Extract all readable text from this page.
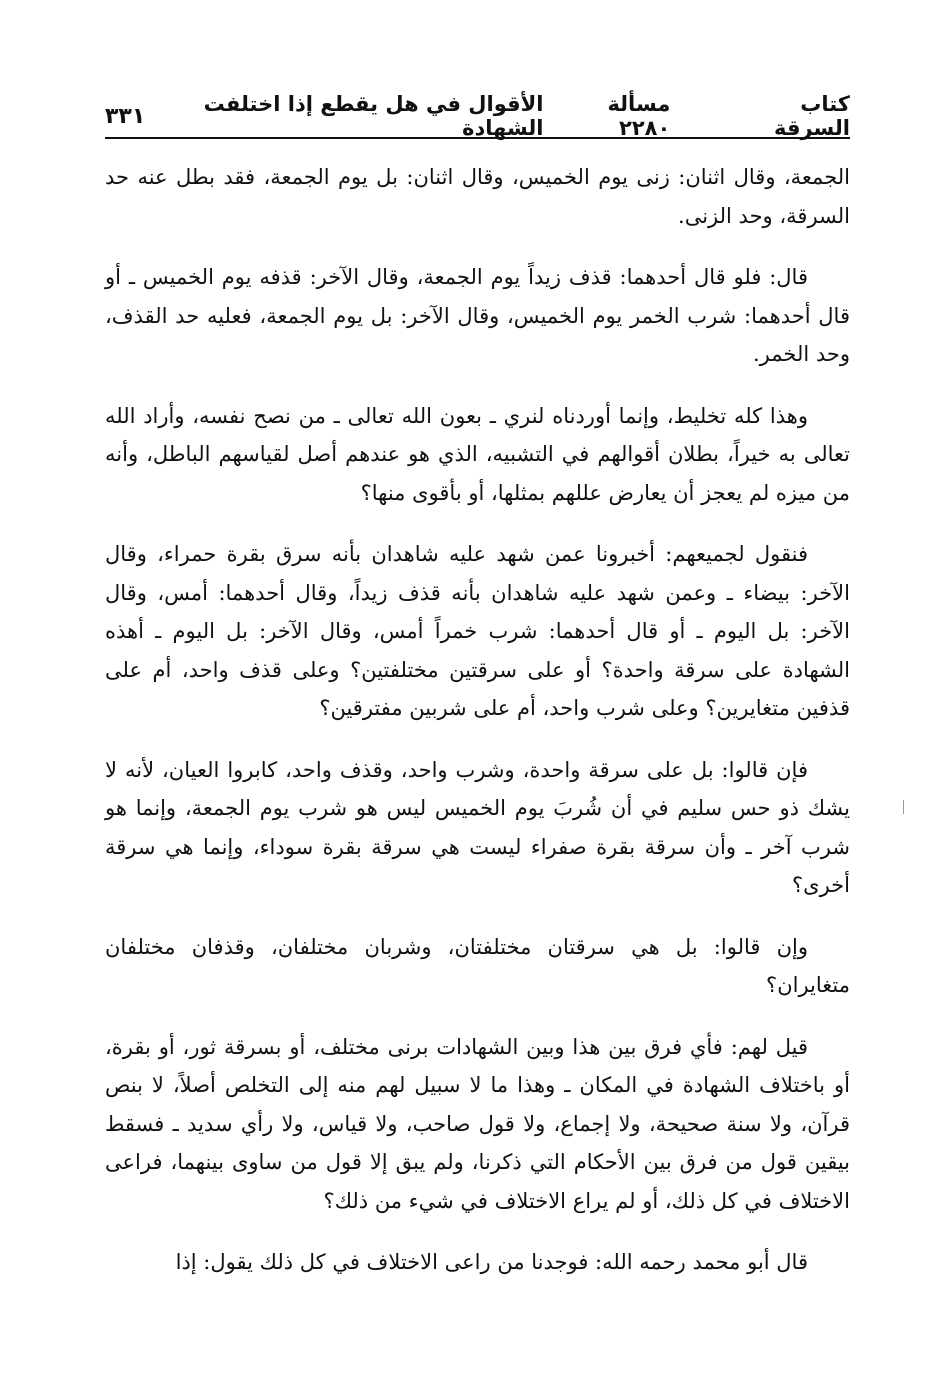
كتاب السرقة
مسألة ٢٢٨٠
الأقوال في هل يقطع إذا اختلفت الشهادة
٣٣١

الجمعة، وقال اثنان: زنى يوم الخميس، وقال اثنان: بل يوم الجمعة، فقد بطل عنه حد السرقة، وحد الزنى.

قال: فلو قال أحدهما: قذف زيداً يوم الجمعة، وقال الآخر: قذفه يوم الخميس ـ أو قال أحدهما: شرب الخمر يوم الخميس، وقال الآخر: بل يوم الجمعة، فعليه حد القذف، وحد الخمر.

وهذا كله تخليط، وإنما أوردناه لنري ـ بعون الله تعالى ـ من نصح نفسه، وأراد الله تعالى به خيراً، بطلان أقوالهم في التشبيه، الذي هو عندهم أصل لقياسهم الباطل، وأنه من ميزه لم يعجز أن يعارض عللهم بمثلها، أو بأقوى منها؟

فنقول لجميعهم: أخبرونا عمن شهد عليه شاهدان بأنه سرق بقرة حمراء، وقال الآخر: بيضاء ـ وعمن شهد عليه شاهدان بأنه قذف زيداً، وقال أحدهما: أمس، وقال الآخر: بل اليوم ـ أو قال أحدهما: شرب خمراً أمس، وقال الآخر: بل اليوم ـ أهذه الشهادة على سرقة واحدة؟ أو على سرقتين مختلفتين؟ وعلى قذف واحد، أم على قذفين متغايرين؟ وعلى شرب واحد، أم على شربين مفترقين؟

فإن قالوا: بل على سرقة واحدة، وشرب واحد، وقذف واحد، كابروا العيان، لأنه لا يشك ذو حس سليم في أن شُربَ يوم الخميس ليس هو شرب يوم الجمعة، وإنما هو شرب آخر ـ وأن سرقة بقرة صفراء ليست هي سرقة بقرة سوداء، وإنما هي سرقة أخرى؟

وإن قالوا: بل هي سرقتان مختلفتان، وشربان مختلفان، وقذفان مختلفان متغايران؟

قيل لهم: فأي فرق بين هذا وبين الشهادات برنى مختلف، أو بسرقة ثور، أو بقرة، أو باختلاف الشهادة في المكان ـ وهذا ما لا سبيل لهم منه إلى التخلص أصلاً، لا بنص قرآن، ولا سنة صحيحة، ولا إجماع، ولا قول صاحب، ولا قياس، ولا رأي سديد ـ فسقط بيقين قول من فرق بين الأحكام التي ذكرنا، ولم يبق إلا قول من ساوى بينهما، فراعى الاختلاف في كل ذلك، أو لم يراع الاختلاف في شيء من ذلك؟

قال أبو محمد رحمه الله: فوجدنا من راعى الاختلاف في كل ذلك يقول: إذا
